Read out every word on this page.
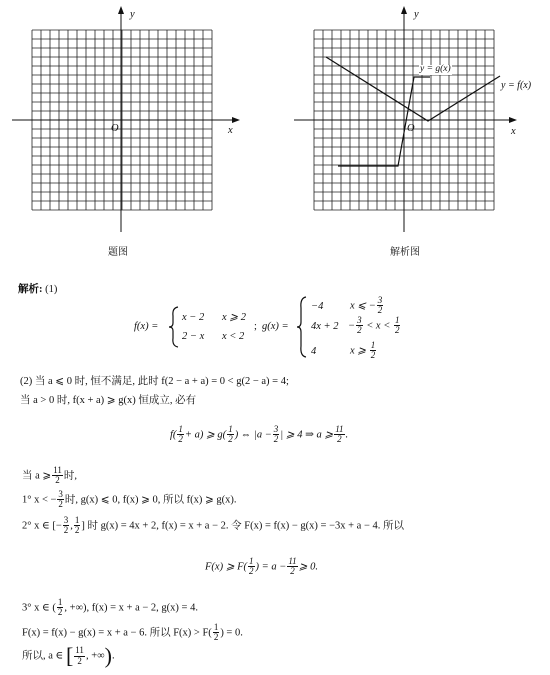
x
y
O
题图
x
y
O
y = g(x)
y = f(x)
解析图
解析: (1)
f(x) =
x − 2 x ⩾ 2
2 − x x < 2
; g(x) =
−4	x ⩽ − $\frac{3}{2}$
$4x + 2 - \frac{3}{2} < x < \frac{1}{2}$
4	x ⩾ $\frac{1}{2}$
(2) 当 a ⩽ 0 时, 恒不满足, 此时 f(2 − a + a) = 0 < g(2 − a) = 4;
当 a > 0 时, f(x + a) ⩾ g(x) 恒成立, 必有
$f( \frac{1}{2} + a)$ ⩾ $g( \frac{1}{2}$ ) ⇔ $|a - \frac{3}{2}$ | ⩾ 4 ⇒ a ⩾ $\frac{11}{2}$ .
当 a ⩾ $\frac{11}{2}$ 时,
1° x < − $\frac{3}{2}$ 时, g(x) ⩽ 0, f(x) ⩾ 0, 所以 f(x) ⩾ g(x).
2° x ∈ [− $\frac{3}{2}$ , $\frac{1}{2}$ ] 时 g(x) = 4x + 2, f(x) = x + a − 2. 令 F(x) = f(x) − g(x) = −3x + a − 4. 所以
F(x) ⩾ $F( \frac{1}{2}$ ) = $a - \frac{11}{2}$ ⩾ 0.
3° x ∈ ( $\frac{1}{2}$ , +∞), f(x) = x + a − 2, g(x) = 4.
F(x) = f(x) − g(x) = x + a − 6. 所以 $F(x) > F( \frac{1}{2}$ ) = 0.
所以, a ∈ [ $\frac{11}{2}$ , +∞).
